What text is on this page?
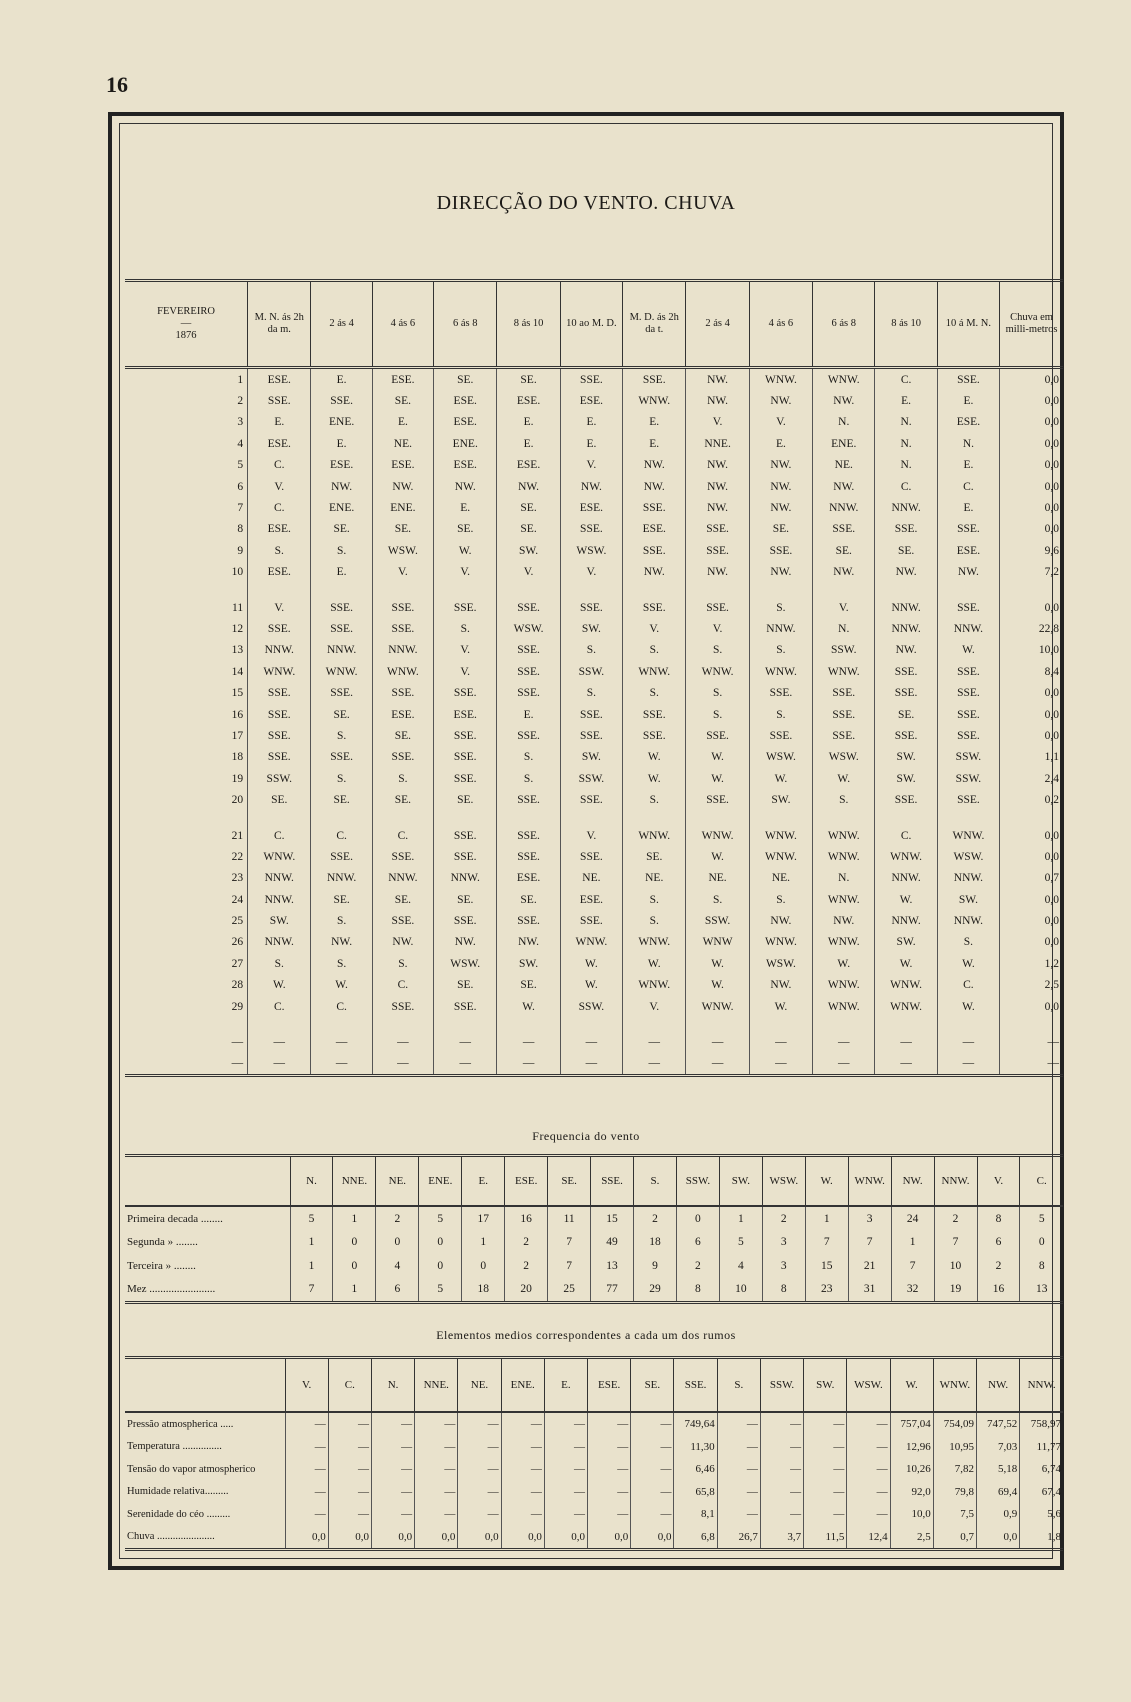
16
DIRECÇÃO DO VENTO. CHUVA
FEVEREIRO
—
1876	M. N. ás 2h da m.	2 ás 4	4 ás 6	6 ás 8	8 ás 10	10 ao M. D.	M. D. ás 2h da t.	2 ás 4	4 ás 6	6 ás 8	8 ás 10	10 á M. N.	Chuva em milli-metros
1	ESE.	E.	ESE.	SE.	SE.	SSE.	SSE.	NW.	WNW.	WNW.	C.	SSE.	0,0
2	SSE.	SSE.	SE.	ESE.	ESE.	ESE.	WNW.	NW.	NW.	NW.	E.	E.	0,0
3	E.	ENE.	E.	ESE.	E.	E.	E.	V.	V.	N.	N.	ESE.	0,0
4	ESE.	E.	NE.	ENE.	E.	E.	E.	NNE.	E.	ENE.	N.	N.	0,0
5	C.	ESE.	ESE.	ESE.	ESE.	V.	NW.	NW.	NW.	NE.	N.	E.	0,0
6	V.	NW.	NW.	NW.	NW.	NW.	NW.	NW.	NW.	NW.	C.	C.	0,0
7	C.	ENE.	ENE.	E.	SE.	ESE.	SSE.	NW.	NW.	NNW.	NNW.	E.	0,0
8	ESE.	SE.	SE.	SE.	SE.	SSE.	ESE.	SSE.	SE.	SSE.	SSE.	SSE.	0,0
9	S.	S.	WSW.	W.	SW.	WSW.	SSE.	SSE.	SSE.	SE.	SE.	ESE.	9,6
10	ESE.	E.	V.	V.	V.	V.	NW.	NW.	NW.	NW.	NW.	NW.	7,2
11	V.	SSE.	SSE.	SSE.	SSE.	SSE.	SSE.	SSE.	S.	V.	NNW.	SSE.	0,0
12	SSE.	SSE.	SSE.	S.	WSW.	SW.	V.	V.	NNW.	N.	NNW.	NNW.	22,8
13	NNW.	NNW.	NNW.	V.	SSE.	S.	S.	S.	S.	SSW.	NW.	W.	10,0
14	WNW.	WNW.	WNW.	V.	SSE.	SSW.	WNW.	WNW.	WNW.	WNW.	SSE.	SSE.	8,4
15	SSE.	SSE.	SSE.	SSE.	SSE.	S.	S.	S.	SSE.	SSE.	SSE.	SSE.	0,0
16	SSE.	SE.	ESE.	ESE.	E.	SSE.	SSE.	S.	S.	SSE.	SE.	SSE.	0,0
17	SSE.	S.	SE.	SSE.	SSE.	SSE.	SSE.	SSE.	SSE.	SSE.	SSE.	SSE.	0,0
18	SSE.	SSE.	SSE.	SSE.	S.	SW.	W.	W.	WSW.	WSW.	SW.	SSW.	1,1
19	SSW.	S.	S.	SSE.	S.	SSW.	W.	W.	W.	W.	SW.	SSW.	2,4
20	SE.	SE.	SE.	SE.	SSE.	SSE.	S.	SSE.	SW.	S.	SSE.	SSE.	0,2
21	C.	C.	C.	SSE.	SSE.	V.	WNW.	WNW.	WNW.	WNW.	C.	WNW.	0,0
22	WNW.	SSE.	SSE.	SSE.	SSE.	SSE.	SE.	W.	WNW.	WNW.	WNW.	WSW.	0,0
23	NNW.	NNW.	NNW.	NNW.	ESE.	NE.	NE.	NE.	NE.	N.	NNW.	NNW.	0,7
24	NNW.	SE.	SE.	SE.	SE.	ESE.	S.	S.	S.	WNW.	W.	SW.	0,0
25	SW.	S.	SSE.	SSE.	SSE.	SSE.	S.	SSW.	NW.	NW.	NNW.	NNW.	0,0
26	NNW.	NW.	NW.	NW.	NW.	WNW.	WNW.	WNW	WNW.	WNW.	SW.	S.	0,0
27	S.	S.	S.	WSW.	SW.	W.	W.	W.	WSW.	W.	W.	W.	1,2
28	W.	W.	C.	SE.	SE.	W.	WNW.	W.	NW.	WNW.	WNW.	C.	2,5
29	C.	C.	SSE.	SSE.	W.	SSW.	V.	WNW.	W.	WNW.	WNW.	W.	0,0
—	—	—	—	—	—	—	—	—	—	—	—	—	—
—	—	—	—	—	—	—	—	—	—	—	—	—	—
Frequencia do vento
	N.	NNE.	NE.	ENE.	E.	ESE.	SE.	SSE.	S.	SSW.	SW.	WSW.	W.	WNW.	NW.	NNW.	V.	C.
Primeira decada ........	5	1	2	5	17	16	11	15	2	0	1	2	1	3	24	2	8	5
Segunda » ........	1	0	0	0	1	2	7	49	18	6	5	3	7	7	1	7	6	0
Terceira » ........	1	0	4	0	0	2	7	13	9	2	4	3	15	21	7	10	2	8
Mez ........................	7	1	6	5	18	20	25	77	29	8	10	8	23	31	32	19	16	13
Elementos medios correspondentes a cada um dos rumos
	V.	C.	N.	NNE.	NE.	ENE.	E.	ESE.	SE.	SSE.	S.	SSW.	SW.	WSW.	W.	WNW.	NW.	NNW.
Pressão atmospherica .....	—	—	—	—	—	—	—	—	—	749,64	—	—	—	—	757,04	754,09	747,52	758,97
Temperatura ...............	—	—	—	—	—	—	—	—	—	11,30	—	—	—	—	12,96	10,95	7,03	11,77
Tensão do vapor atmospherico	—	—	—	—	—	—	—	—	—	6,46	—	—	—	—	10,26	7,82	5,18	6,74
Humidade relativa.........	—	—	—	—	—	—	—	—	—	65,8	—	—	—	—	92,0	79,8	69,4	67,4
Serenidade do céo .........	—	—	—	—	—	—	—	—	—	8,1	—	—	—	—	10,0	7,5	0,9	5,6
Chuva ......................	0,0	0,0	0,0	0,0	0,0	0,0	0,0	0,0	0,0	6,8	26,7	3,7	11,5	12,4	2,5	0,7	0,0	1,8
